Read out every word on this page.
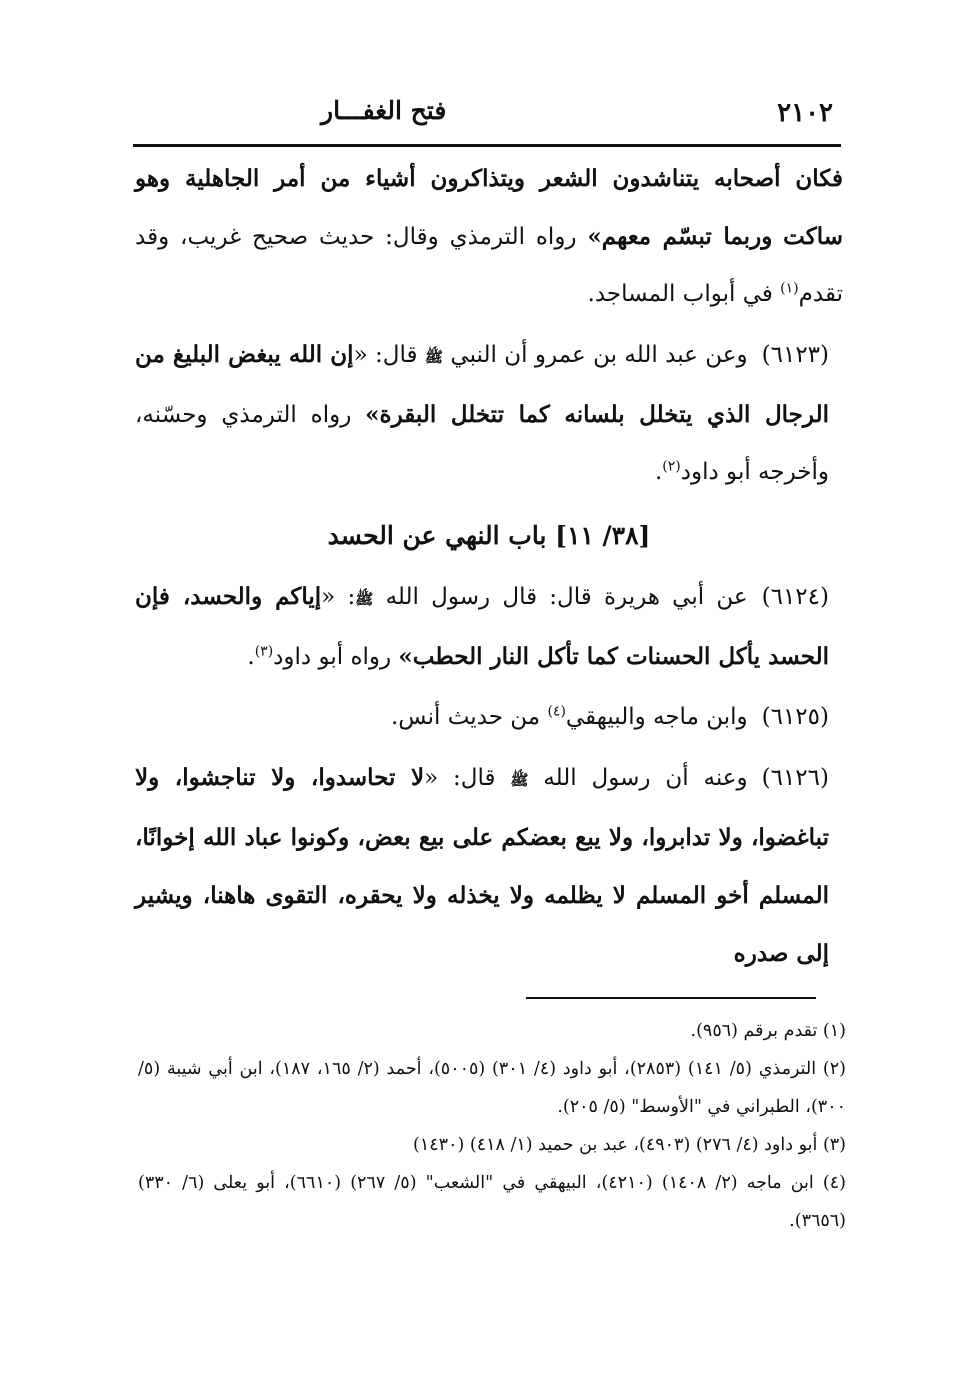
٢١٠٢
فتح الغفـــار

فكان أصحابه يتناشدون الشعر ويتذاكرون أشياء من أمر الجاهلية وهو ساكت وربما تبسّم معهم» رواه الترمذي وقال: حديث صحيح غريب، وقد تقدم$^{(١)}$ في أبواب المساجد.

(٦١٢٣)وعن عبد الله بن عمرو أن النبي ﷺ قال: «إن الله يبغض البليغ من الرجال الذي يتخلل بلسانه كما تتخلل البقرة» رواه الترمذي وحسّنه، وأخرجه أبو داود$^{(٢)}$.

[٣٨/ ١١] باب النهي عن الحسد

(٦١٢٤)عن أبي هريرة قال: قال رسول الله ﷺ: «إياكم والحسد، فإن الحسد يأكل الحسنات كما تأكل النار الحطب» رواه أبو داود$^{(٣)}$.

(٦١٢٥)وابن ماجه والبيهقي$^{(٤)}$ من حديث أنس.

(٦١٢٦)وعنه أن رسول الله ﷺ قال: «لا تحاسدوا، ولا تناجشوا، ولا تباغضوا، ولا تدابروا، ولا يبع بعضكم على بيع بعض، وكونوا عباد الله إخوانًا، المسلم أخو المسلم لا يظلمه ولا يخذله ولا يحقره، التقوى هاهنا، ويشير إلى صدره

(١) تقدم برقم (٩٥٦).

(٢) الترمذي (٥/ ١٤١) (٢٨٥٣)، أبو داود (٤/ ٣٠١) (٥٠٠٥)، أحمد (٢/ ١٦٥، ١٨٧)، ابن أبي شيبة (٥/ ٣٠٠)، الطبراني في "الأوسط" (٥/ ٢٠٥).

(٣) أبو داود (٤/ ٢٧٦) (٤٩٠٣)، عبد بن حميد (١/ ٤١٨) (١٤٣٠)

(٤) ابن ماجه (٢/ ١٤٠٨) (٤٢١٠)، البيهقي في "الشعب" (٥/ ٢٦٧) (٦٦١٠)، أبو يعلى (٦/ ٣٣٠) (٣٦٥٦).
